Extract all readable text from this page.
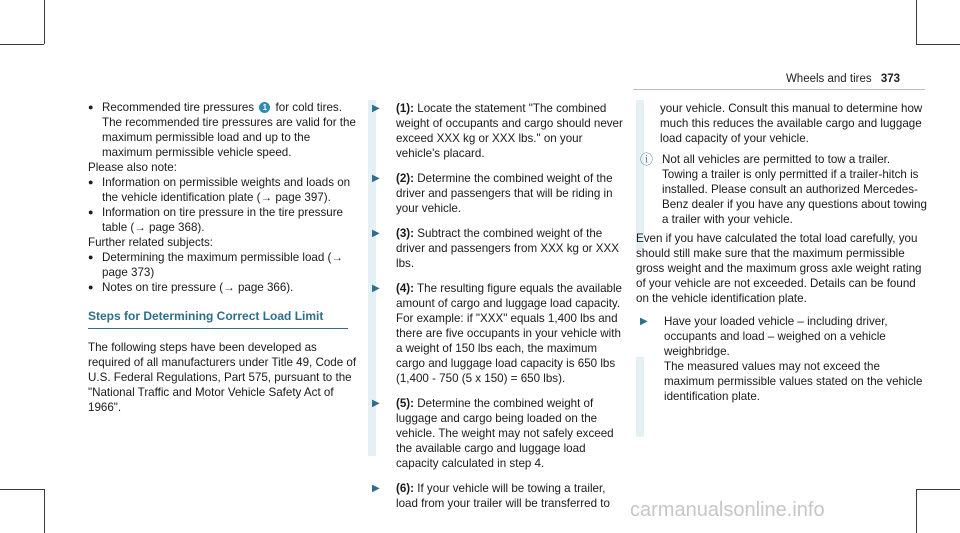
Wheels and tires 373
● Recommended tire pressures 1 for cold tires. The recommended tire pressures are valid for the maximum permissible load and up to the maximum permissible vehicle speed.

Please also note:

● Information on permissible weights and loads on the vehicle identification plate (→ page 397).

● Information on tire pressure in the tire pressure table (→ page 368).

Further related subjects:

● Determining the maximum permissible load (→ page 373)

● Notes on tire pressure (→ page 366).

Steps for Determining Correct Load Limit

The following steps have been developed as required of all manufacturers under Title 49, Code of U.S. Federal Regulations, Part 575, pursuant to the "National Traffic and Motor Vehicle Safety Act of 1966".

▶	(1): Locate the statement "The combined weight of occupants and cargo should never exceed XXX kg or XXX lbs." on your vehicle's placard.

▶	(2): Determine the combined weight of the driver and passengers that will be riding in your vehicle.

▶	(3): Subtract the combined weight of the driver and passengers from XXX kg or XXX lbs.

▶	(4): The resulting figure equals the available amount of cargo and luggage load capacity. For example: if "XXX" equals 1,400 lbs and there are five occupants in your vehicle with a weight of 150 lbs each, the maximum cargo and luggage load capacity is 650 lbs (1,400 - 750 (5 x 150) = 650 lbs).

▶	(5): Determine the combined weight of luggage and cargo being loaded on the vehicle. The weight may not safely exceed the available cargo and luggage load capacity calculated in step 4.

▶	(6): If your vehicle will be towing a trailer, load from your trailer will be transferred to

your vehicle. Consult this manual to determine how much this reduces the available cargo and luggage load capacity of your vehicle.

ⓘ Not all vehicles are permitted to tow a trailer. Towing a trailer is only permitted if a trailer-hitch is installed. Please consult an authorized Mercedes-Benz dealer if you have any questions about towing a trailer with your vehicle.

Even if you have calculated the total load carefully, you should still make sure that the maximum permissible gross weight and the maximum gross axle weight rating of your vehicle are not exceeded. Details can be found on the vehicle identification plate.

▶	Have your loaded vehicle – including driver, occupants and load – weighed on a vehicle weighbridge.

The measured values may not exceed the maximum permissible values stated on the vehicle identification plate.

carmanualsonline.info
